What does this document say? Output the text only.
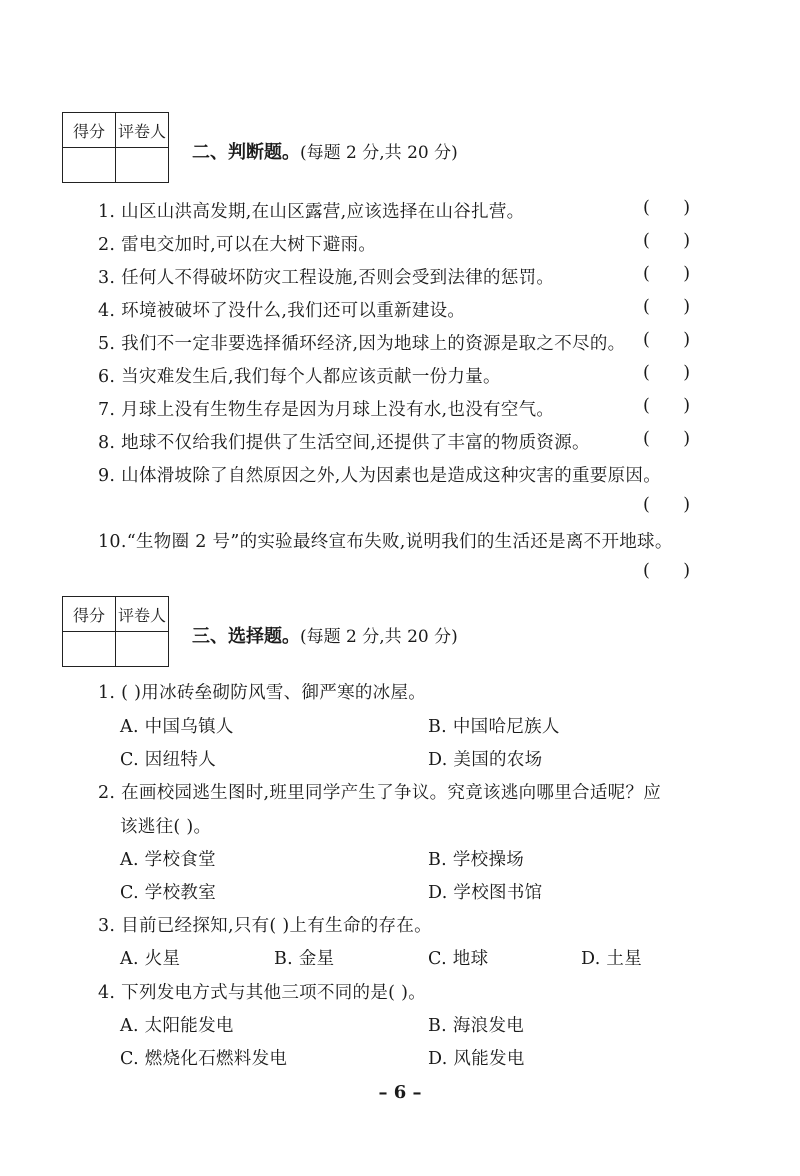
得分	评卷人

二、判断题。(每题 2 分,共 20 分)
1. 山区山洪高发期,在山区露营,应该选择在山谷扎营。	(      )
2. 雷电交加时,可以在大树下避雨。	(      )
3. 任何人不得破坏防灾工程设施,否则会受到法律的惩罚。	(      )
4. 环境被破坏了没什么,我们还可以重新建设。	(      )
5. 我们不一定非要选择循环经济,因为地球上的资源是取之不尽的。 (      )
6. 当灾难发生后,我们每个人都应该贡献一份力量。	(      )
7. 月球上没有生物生存是因为月球上没有水,也没有空气。	(      )
8. 地球不仅给我们提供了生活空间,还提供了丰富的物质资源。	(      )
9. 山体滑坡除了自然原因之外,人为因素也是造成这种灾害的重要原因。
(      )
10.“生物圈 2 号”的实验最终宣布失败,说明我们的生活还是离不开地球。
(      )
得分	评卷人

三、选择题。(每题 2 分,共 20 分)
1. ( )用冰砖垒砌防风雪、御严寒的冰屋。
A. 中国乌镇人	B. 中国哈尼族人
C. 因纽特人	D. 美国的农场
2. 在画校园逃生图时,班里同学产生了争议。究竟该逃向哪里合适呢？应
该逃往( )。
A. 学校食堂	B. 学校操场
C. 学校教室	D. 学校图书馆
3. 目前已经探知,只有( )上有生命的存在。
A. 火星	B. 金星	C. 地球	D. 土星
4. 下列发电方式与其他三项不同的是( )。
A. 太阳能发电	B. 海浪发电
C. 燃烧化石燃料发电	D. 风能发电
– 6 –
